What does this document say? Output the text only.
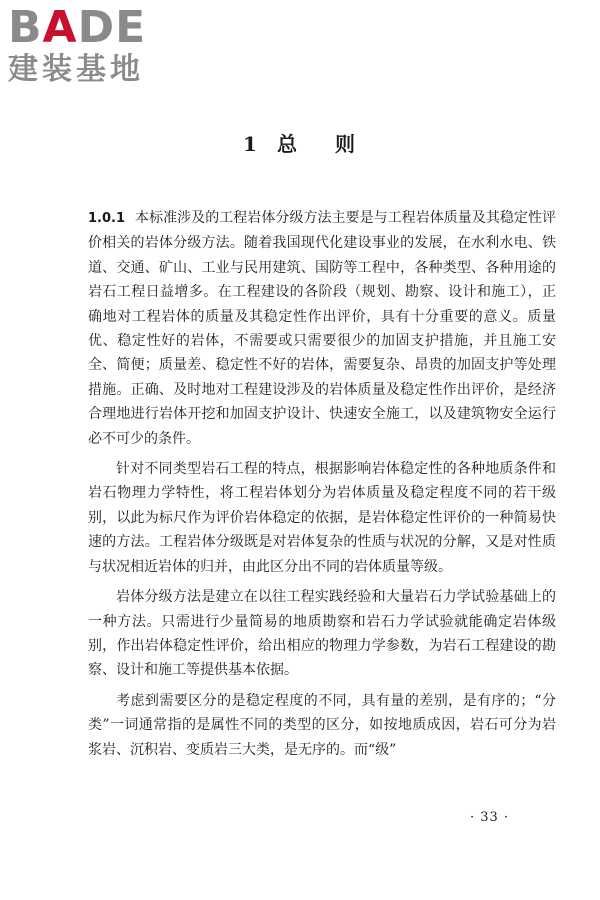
BADE
建装基地
1 总 则

1.0.1 本标准涉及的工程岩体分级方法主要是与工程岩体质量及其稳定性评价相关的岩体分级方法。随着我国现代化建设事业的发展，在水利水电、铁道、交通、矿山、工业与民用建筑、国防等工程中，各种类型、各种用途的岩石工程日益增多。在工程建设的各阶段（规划、勘察、设计和施工），正确地对工程岩体的质量及其稳定性作出评价，具有十分重要的意义。质量优、稳定性好的岩体，不需要或只需要很少的加固支护措施，并且施工安全、简便；质量差、稳定性不好的岩体，需要复杂、昂贵的加固支护等处理措施。正确、及时地对工程建设涉及的岩体质量及稳定性作出评价，是经济合理地进行岩体开挖和加固支护设计、快速安全施工，以及建筑物安全运行必不可少的条件。

针对不同类型岩石工程的特点，根据影响岩体稳定性的各种地质条件和岩石物理力学特性，将工程岩体划分为岩体质量及稳定程度不同的若干级别，以此为标尺作为评价岩体稳定的依据，是岩体稳定性评价的一种简易快速的方法。工程岩体分级既是对岩体复杂的性质与状况的分解，又是对性质与状况相近岩体的归并，由此区分出不同的岩体质量等级。

岩体分级方法是建立在以往工程实践经验和大量岩石力学试验基础上的一种方法。只需进行少量简易的地质勘察和岩石力学试验就能确定岩体级别，作出岩体稳定性评价，给出相应的物理力学参数，为岩石工程建设的勘察、设计和施工等提供基本依据。

考虑到需要区分的是稳定程度的不同，具有量的差别，是有序的；“分类”一词通常指的是属性不同的类型的区分，如按地质成因，岩石可分为岩浆岩、沉积岩、变质岩三大类，是无序的。而“级”

· 33 ·
